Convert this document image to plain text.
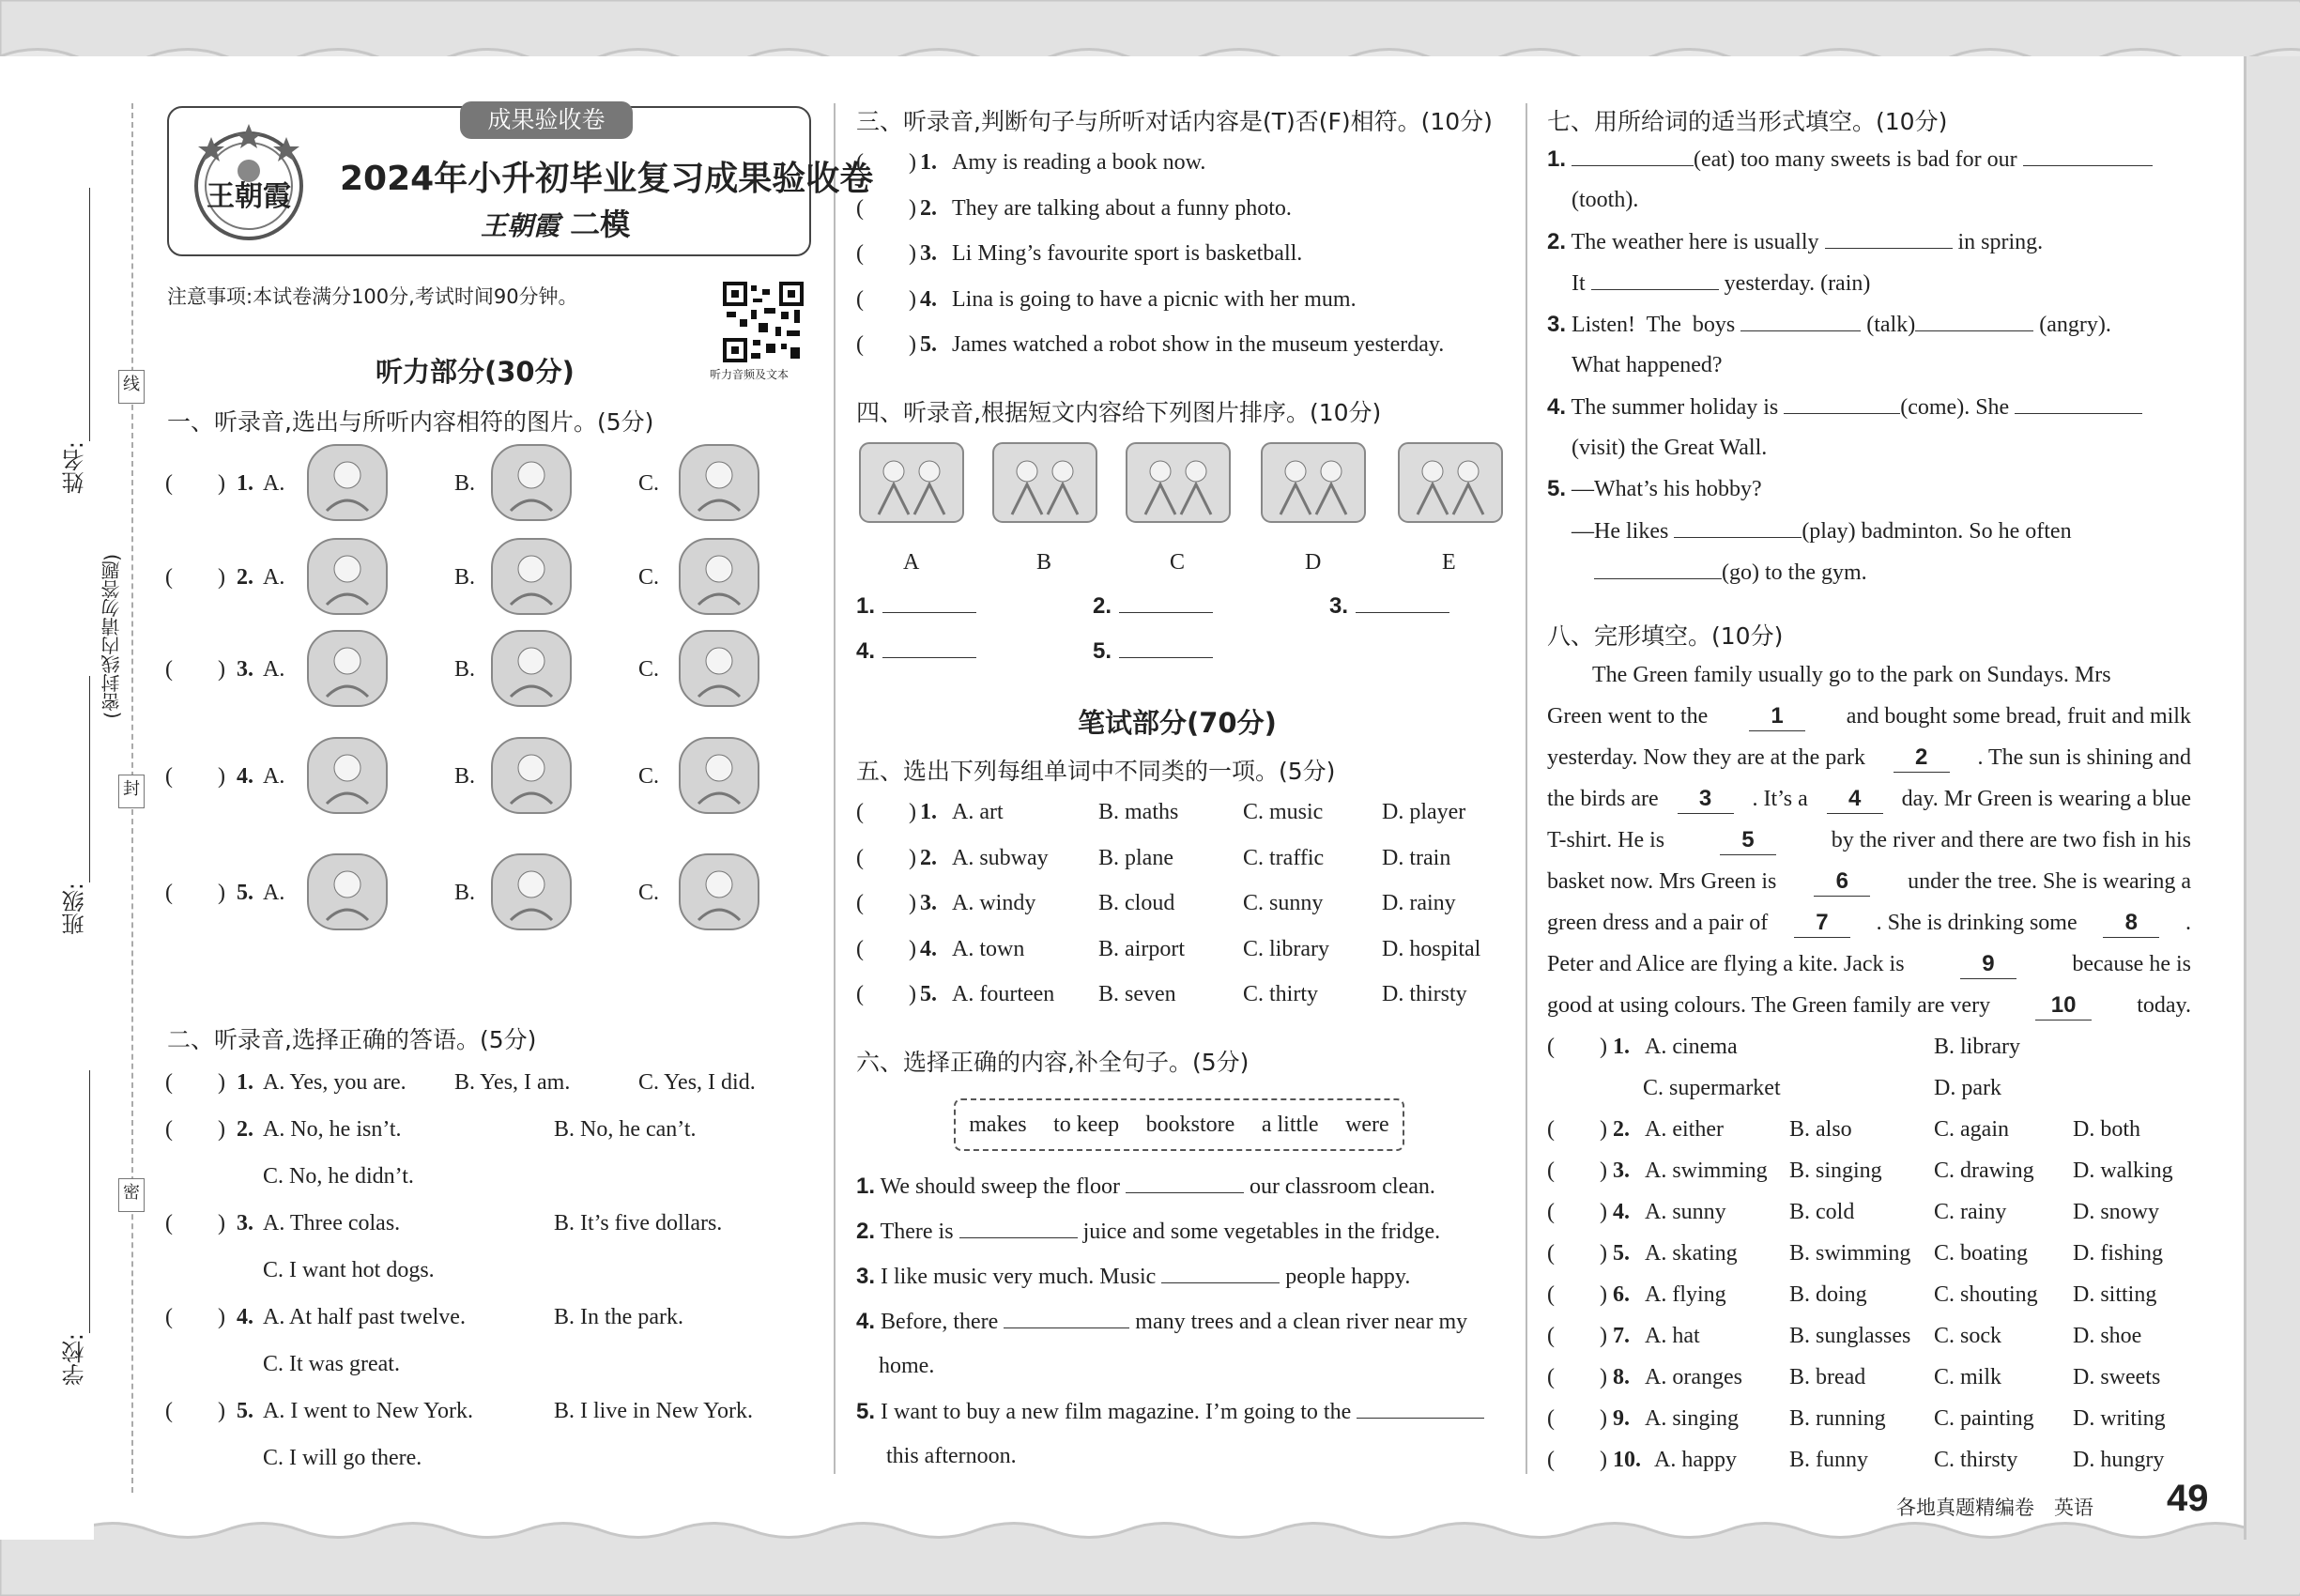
姓名:
班级:
学校:
(密封线内请勿答题)
线
封
密
成果验收卷
王朝霞 2024年小升初毕业复习成果验收卷
王朝霞 二模
注意事项:本试卷满分100分,考试时间90分钟。
听力音频及文本
听力部分(30分)
一、听录音,选出与所听内容相符的图片。(5分)
二、听录音,选择正确的答语。(5分)
三、听录音,判断句子与所听对话内容是(T)否(F)相符。(10分)
四、听录音,根据短文内容给下列图片排序。(10分)
笔试部分(70分)
五、选出下列每组单词中不同类的一项。(5分)
六、选择正确的内容,补全句子。(5分)
makes to keep bookstore a little were
七、用所给词的适当形式填空。(10分)
1.	(eat) too many sweets is bad for our
(tooth).
2. The weather here is usually	in spring.
It	yesterday. (rain)
3. Listen! The boys	(talk)	(angry).
What happened?
4. The summer holiday is	(come). She
(visit) the Great Wall.
5. —What’s his hobby?
—He likes	(play) badminton. So he often
(go) to the gym.
八、完形填空。(10分)
各地真题精编卷　英语 49
(　　) 1. A.	B.	C.
(　　) 2. A.	B.	C.
(　　) 3. A.	B.	C.
(　　) 4. A.	B.	C.
(　　) 5. A.	B.	C.
(　　) 1. A. Yes, you are. B. Yes, I am.	C. Yes, I did.
(　　) 2. A. No, he isn’t.	B. No, he can’t.
C. No, he didn’t.
(　　) 3. A. Three colas.	B. It’s five dollars.
C. I want hot dogs.
(　　) 4. A. At half past twelve.	B. In the park.
C. It was great.
(　　) 5. A. I went to New York.	B. I live in New York.
C. I will go there.
(　　) 1. Amy is reading a book now.
(　　) 2. They are talking about a funny photo.
(　　) 3. Li Ming’s favourite sport is basketball.
(　　) 4. Lina is going to have a picnic with her mum.
(　　) 5. James watched a robot show in the museum yesterday.
A	B	C	D	E
1.	2.	3.
4.	5.
(　　) 1. A. art	B. maths	C. music	D. player
(　　) 2. A. subway B. plane	C. traffic	D. train
(　　) 3. A. windy	B. cloud	C. sunny	D. rainy
(　　) 4. A. town	B. airport	C. library D. hospital
(　　) 5. A. fourteen B. seven	C. thirty	D. thirsty
1. We should sweep the floor	our classroom clean.
2. There is	juice and some vegetables in the fridge.
3. I like music very much. Music	people happy.
4. Before, there	many trees and a clean river near my
home.
5. I want to buy a new film magazine. I’m going to the
this afternoon.
The Green family usually go to the park on Sundays. Mrs
Green went to the	1	and bought some bread, fruit and milk
yesterday. Now they are at the park	2	. The sun is shining and
the birds are	3	. It’s a	4	day. Mr Green is wearing a blue
T-shirt. He is	5	by the river and there are two fish in his
basket now. Mrs Green is	6	under the tree. She is wearing a
green dress and a pair of	7	. She is drinking some	8	.
Peter and Alice are flying a kite. Jack is	9	because he is
good at using colours. The Green family are very	10	today.
(　　) 1. A. cinema	B. library
C. supermarket	D. park
(　　) 2. A. either	B. also	C. again	D. both
(　　) 3. A. swimming B. singing C. drawing D. walking
(　　) 4. A. sunny	B. cold	C. rainy	D. snowy
(　　) 5. A. skating B. swimming C. boating D. fishing
(　　) 6. A. flying	B. doing	C. shouting D. sitting
(　　) 7. A. hat	B. sunglasses C. sock	D. shoe
(　　) 8. A. oranges B. bread	C. milk	D. sweets
(　　) 9. A. singing B. running C. painting D. writing
(　　) 10. A. happy B. funny	C. thirsty D. hungry
